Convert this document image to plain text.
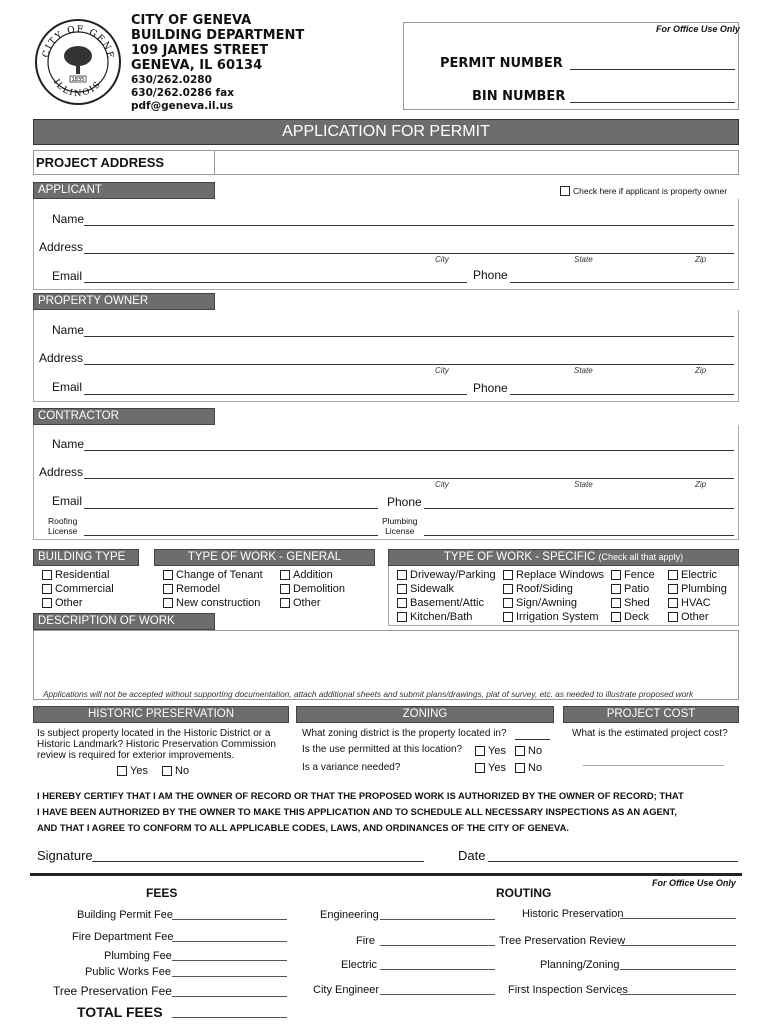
CITY OF GENE
ILLINOIS
1835
CITY OF GENEVA
BUILDING DEPARTMENT
109 JAMES STREET
GENEVA, IL 60134
630/262.0280
630/262.0286 fax
pdf@geneva.il.us
For Office Use Only
PERMIT NUMBER
BIN NUMBER
APPLICATION FOR PERMIT
PROJECT ADDRESS
APPLICANT	Check here if applicant is property owner
Name
Address
City	State	Zip
Email	Phone
PROPERTY OWNER
Name
Address
City	State	Zip
Email	Phone
CONTRACTOR
Name
Address
City	State	Zip
Email	Phone
Roofing
License
Plumbing
License
BUILDING TYPE
Residential
Commercial
Other
TYPE OF WORK - GENERAL
Change of Tenant
Remodel
New construction
Addition
Demolition
Other
TYPE OF WORK - SPECIFIC (Check all that apply)
Driveway/Parking
Sidewalk
Basement/Attic
Kitchen/Bath
Replace Windows
Roof/Siding
Sign/Awning
Irrigation System
Fence
Patio
Shed
Deck
Electric
Plumbing
HVAC
Other
DESCRIPTION OF WORK
Applications will not be accepted without supporting documentation, attach additional sheets and submit plans/drawings, plat of survey, etc. as needed to illustrate proposed work
HISTORIC PRESERVATION
Is subject property located in the Historic District or a
Historic Landmark? Historic Preservation Commission
review is required for exterior improvements.
Yes No
ZONING
What zoning district is the property located in?
Is the use permitted at this location? Yes No
Is a variance needed?	Yes No
PROJECT COST
What is the estimated project cost?
I HEREBY CERTIFY THAT I AM THE OWNER OF RECORD OR THAT THE PROPOSED WORK IS AUTHORIZED BY THE OWNER OF RECORD; THAT
I HAVE BEEN AUTHORIZED BY THE OWNER TO MAKE THIS APPLICATION AND TO SCHEDULE ALL NECESSARY INSPECTIONS AS AN AGENT,
AND THAT I AGREE TO CONFORM TO ALL APPLICABLE CODES, LAWS, AND ORDINANCES OF THE CITY OF GENEVA.
Signature	Date
For Office Use Only
FEES	ROUTING
Building Permit Fee
Fire Department Fee
Plumbing Fee
Public Works Fee
Tree Preservation Fee
TOTAL FEES
Engineering
Fire
Electric
City Engineer
Historic Preservation
Tree Preservation Review
Planning/Zoning
First Inspection Services
